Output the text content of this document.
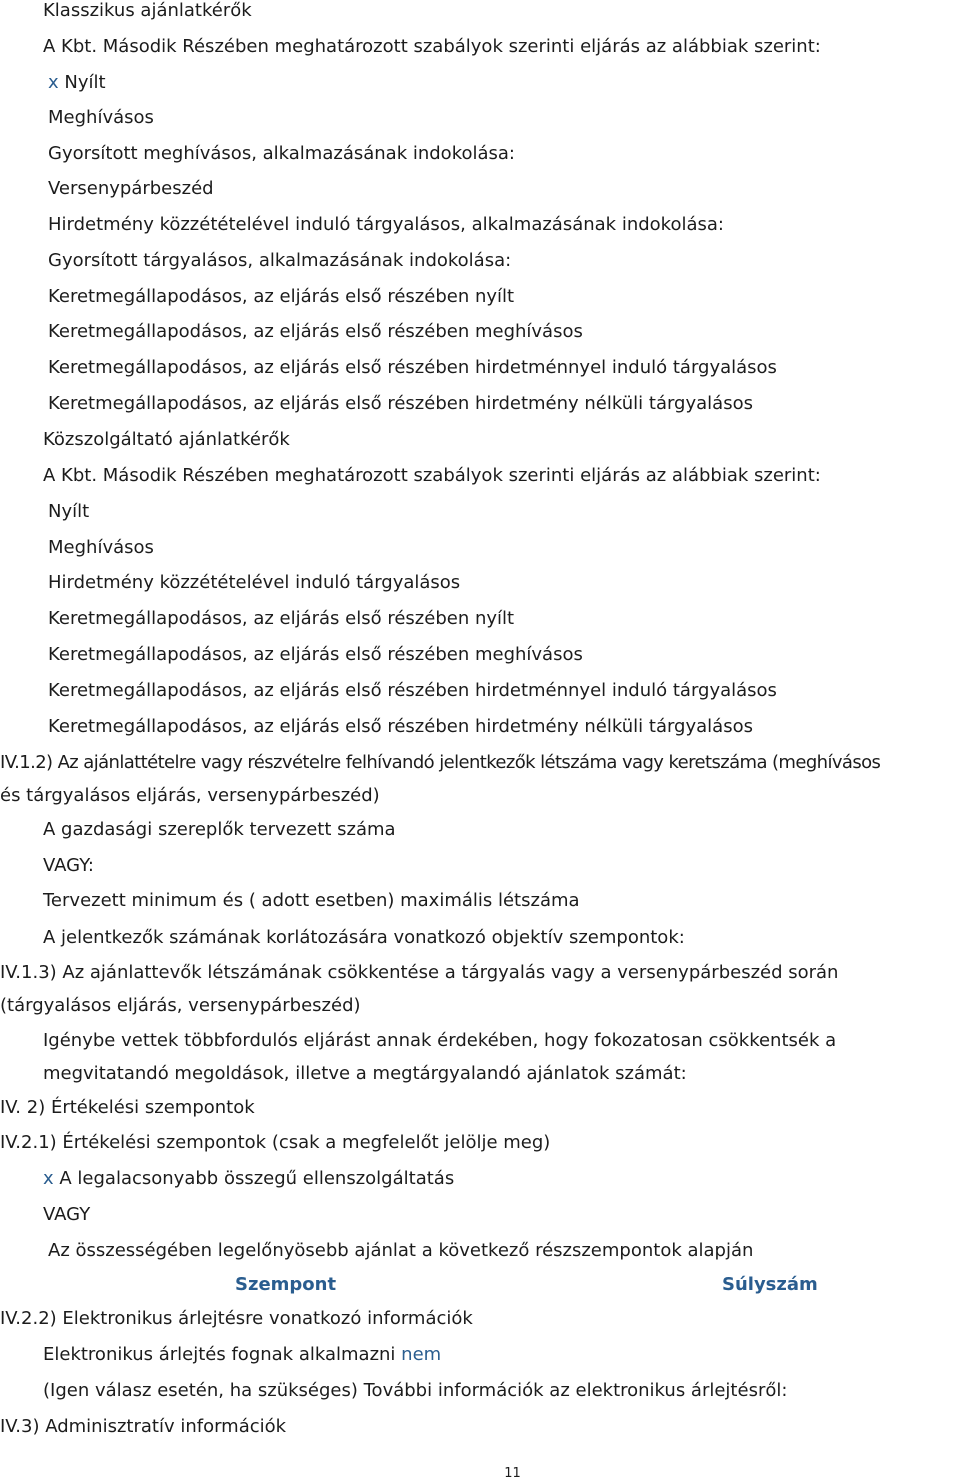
Klasszikus ajánlatkérők
A Kbt. Második Részében meghatározott szabályok szerinti eljárás az alábbiak szerint:
x Nyílt
Meghívásos
Gyorsított meghívásos, alkalmazásának indokolása:
Versenypárbeszéd
Hirdetmény közzétételével induló tárgyalásos, alkalmazásának indokolása:
Gyorsított tárgyalásos, alkalmazásának indokolása:
Keretmegállapodásos, az eljárás első részében nyílt
Keretmegállapodásos, az eljárás első részében meghívásos
Keretmegállapodásos, az eljárás első részében hirdetménnyel induló tárgyalásos
Keretmegállapodásos, az eljárás első részében hirdetmény nélküli tárgyalásos
Közszolgáltató ajánlatkérők
A Kbt. Második Részében meghatározott szabályok szerinti eljárás az alábbiak szerint:
Nyílt
Meghívásos
Hirdetmény közzétételével induló tárgyalásos
Keretmegállapodásos, az eljárás első részében nyílt
Keretmegállapodásos, az eljárás első részében meghívásos
Keretmegállapodásos, az eljárás első részében hirdetménnyel induló tárgyalásos
Keretmegállapodásos, az eljárás első részében hirdetmény nélküli tárgyalásos
IV.1.2) Az ajánlattételre vagy részvételre felhívandó jelentkezők létszáma vagy keretszáma (meghívásos
és tárgyalásos eljárás, versenypárbeszéd)
A gazdasági szereplők tervezett száma
VAGY:
Tervezett minimum és ( adott esetben) maximális létszáma
A jelentkezők számának korlátozására vonatkozó objektív szempontok:
IV.1.3) Az ajánlattevők létszámának csökkentése a tárgyalás vagy a versenypárbeszéd során
(tárgyalásos eljárás, versenypárbeszéd)
Igénybe vettek többfordulós eljárást annak érdekében, hogy fokozatosan csökkentsék a
megvitatandó megoldások, illetve a megtárgyalandó ajánlatok számát:
IV. 2) Értékelési szempontok
IV.2.1) Értékelési szempontok (csak a megfelelőt jelölje meg)
x A legalacsonyabb összegű ellenszolgáltatás
VAGY
Az összességében legelőnyösebb ajánlat a következő részszempontok alapján
Szempont	Súlyszám
IV.2.2) Elektronikus árlejtésre vonatkozó információk
Elektronikus árlejtés fognak alkalmazni nem
(Igen válasz esetén, ha szükséges) További információk az elektronikus árlejtésről:
IV.3) Adminisztratív információk
11
